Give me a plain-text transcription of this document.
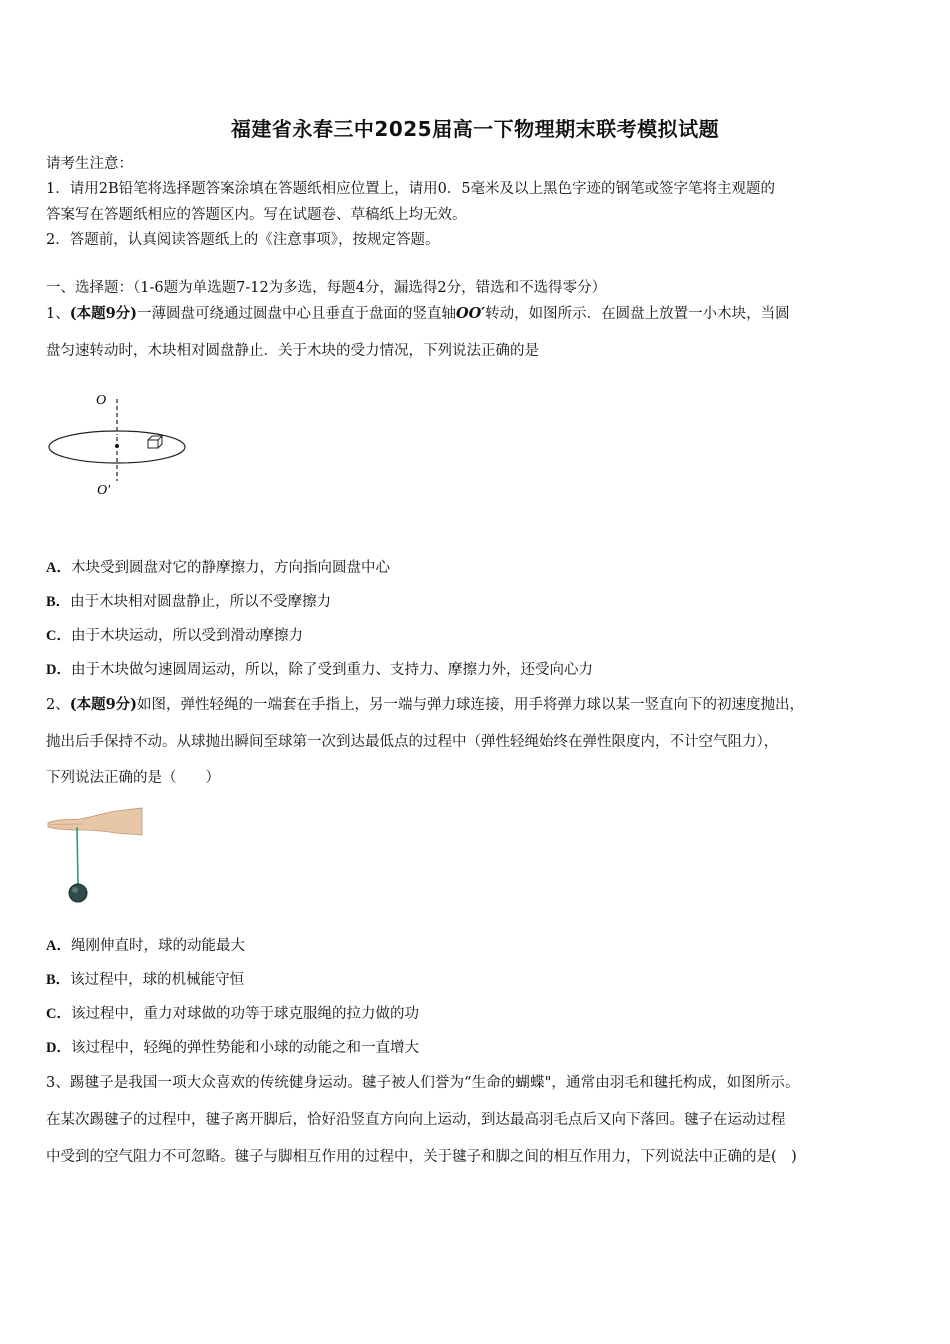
福建省永春三中2025届高一下物理期末联考模拟试题
请考生注意：
1．请用2B铅笔将选择题答案涂填在答题纸相应位置上，请用0．5毫米及以上黑色字迹的钢笔或签字笔将主观题的
答案写在答题纸相应的答题区内。写在试题卷、草稿纸上均无效。
2．答题前，认真阅读答题纸上的《注意事项》，按规定答题。
一、选择题：（1-6题为单选题7-12为多选，每题4分，漏选得2分，错选和不选得零分）
1、(本题9分)一薄圆盘可绕通过圆盘中心且垂直于盘面的竖直轴OO′转动，如图所示．在圆盘上放置一小木块，当圆
盘匀速转动时，木块相对圆盘静止．关于木块的受力情况，下列说法正确的是
O
O′
A．木块受到圆盘对它的静摩擦力，方向指向圆盘中心
B．由于木块相对圆盘静止，所以不受摩擦力
C．由于木块运动，所以受到滑动摩擦力
D．由于木块做匀速圆周运动，所以，除了受到重力、支持力、摩擦力外，还受向心力
2、(本题9分)如图，弹性轻绳的一端套在手指上，另一端与弹力球连接，用手将弹力球以某一竖直向下的初速度抛出，
抛出后手保持不动。从球抛出瞬间至球第一次到达最低点的过程中（弹性轻绳始终在弹性限度内，不计空气阻力），
下列说法正确的是（　　）
A．绳刚伸直时，球的动能最大
B．该过程中，球的机械能守恒
C．该过程中，重力对球做的功等于球克服绳的拉力做的功
D．该过程中，轻绳的弹性势能和小球的动能之和一直增大
3、踢毽子是我国一项大众喜欢的传统健身运动。毽子被人们誉为“生命的蝴蝶"，通常由羽毛和毽托构成，如图所示。
在某次踢毽子的过程中，毽子离开脚后，恰好沿竖直方向向上运动，到达最高羽毛点后又向下落回。毽子在运动过程
中受到的空气阻力不可忽略。毽子与脚相互作用的过程中，关于毽子和脚之间的相互作用力，下列说法中正确的是(　)
